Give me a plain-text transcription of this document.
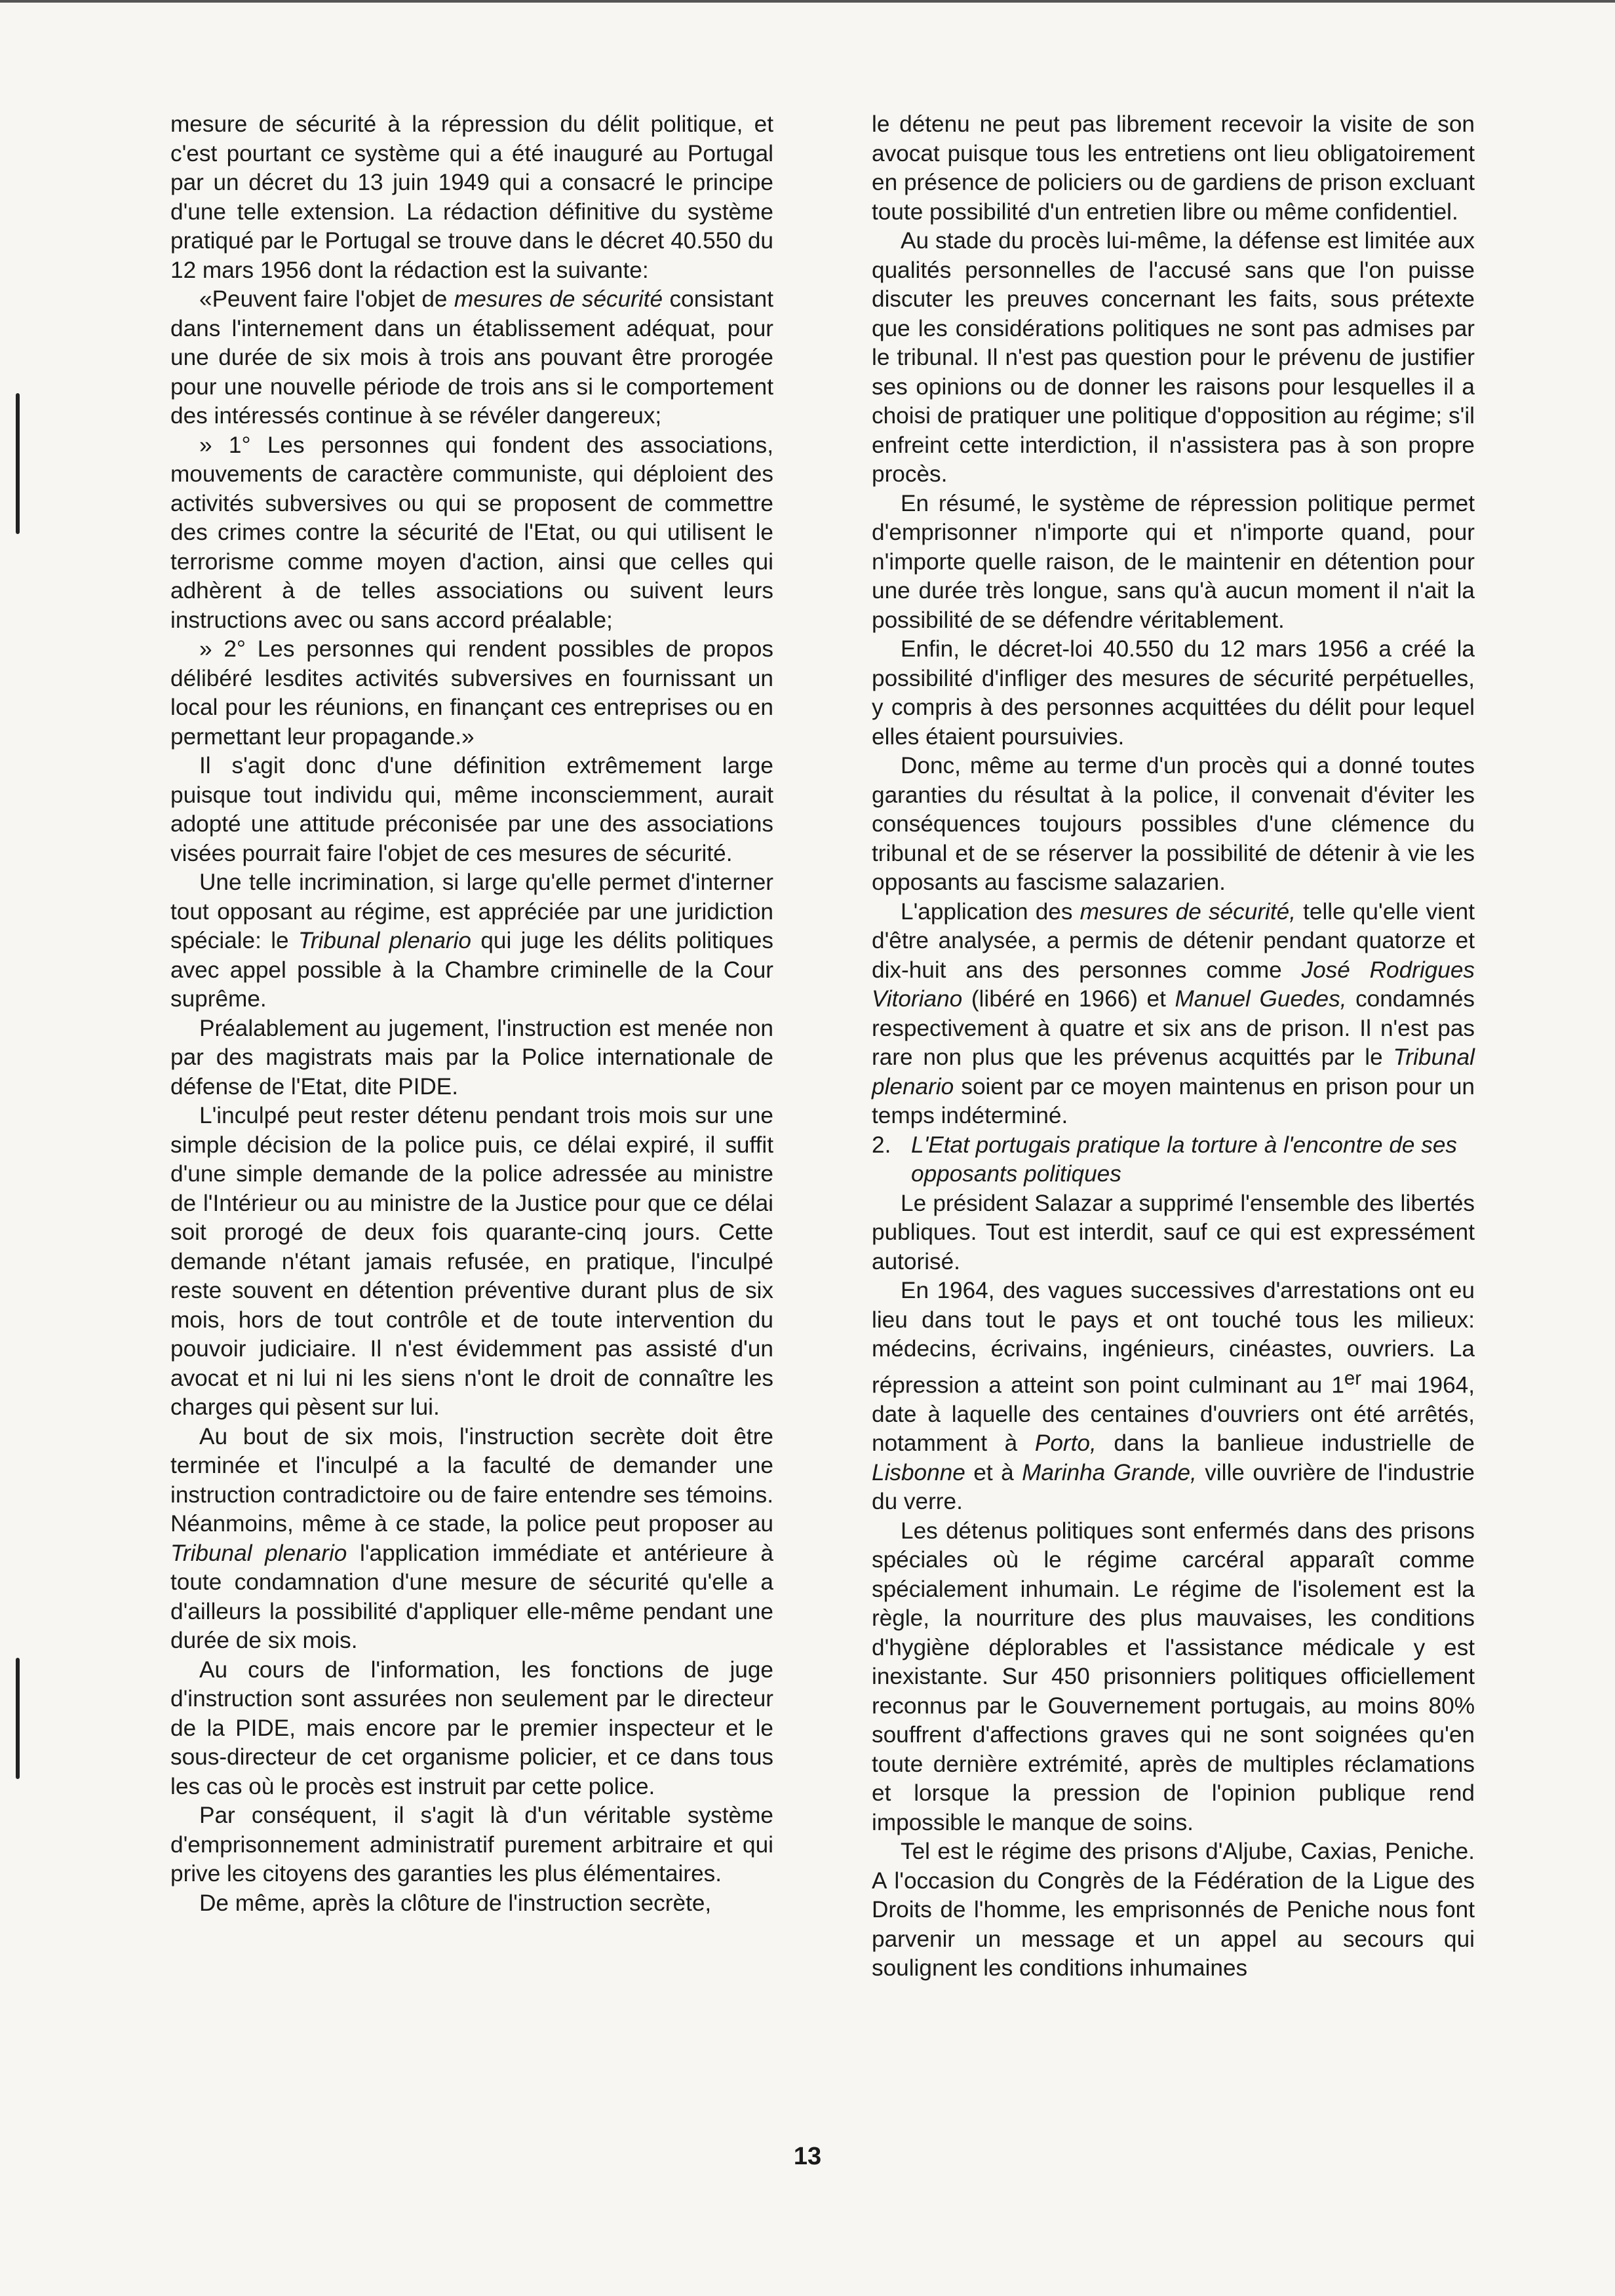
mesure de sécurité à la répression du délit politique, et c'est pourtant ce système qui a été inauguré au Portugal par un décret du 13 juin 1949 qui a consacré le principe d'une telle extension. La rédaction définitive du système pratiqué par le Portugal se trouve dans le décret 40.550 du 12 mars 1956 dont la rédaction est la suivante:

«Peuvent faire l'objet de mesures de sécurité consistant dans l'internement dans un établissement adéquat, pour une durée de six mois à trois ans pouvant être prorogée pour une nouvelle période de trois ans si le comportement des intéressés continue à se révéler dangereux;

» 1° Les personnes qui fondent des associations, mouvements de caractère communiste, qui déploient des activités subversives ou qui se proposent de commettre des crimes contre la sécurité de l'Etat, ou qui utilisent le terrorisme comme moyen d'action, ainsi que celles qui adhèrent à de telles associations ou suivent leurs instructions avec ou sans accord préalable;

» 2° Les personnes qui rendent possibles de propos délibéré lesdites activités subversives en fournissant un local pour les réunions, en finançant ces entreprises ou en permettant leur propagande.»

Il s'agit donc d'une définition extrêmement large puisque tout individu qui, même inconsciemment, aurait adopté une attitude préconisée par une des associations visées pourrait faire l'objet de ces mesures de sécurité.

Une telle incrimination, si large qu'elle permet d'interner tout opposant au régime, est appréciée par une juridiction spéciale: le Tribunal plenario qui juge les délits politiques avec appel possible à la Chambre criminelle de la Cour suprême.

Préalablement au jugement, l'instruction est menée non par des magistrats mais par la Police internationale de défense de l'Etat, dite PIDE.

L'inculpé peut rester détenu pendant trois mois sur une simple décision de la police puis, ce délai expiré, il suffit d'une simple demande de la police adressée au ministre de l'Intérieur ou au ministre de la Justice pour que ce délai soit prorogé de deux fois quarante-cinq jours. Cette demande n'étant jamais refusée, en pratique, l'inculpé reste souvent en détention préventive durant plus de six mois, hors de tout contrôle et de toute intervention du pouvoir judiciaire. Il n'est évidemment pas assisté d'un avocat et ni lui ni les siens n'ont le droit de connaître les charges qui pèsent sur lui.

Au bout de six mois, l'instruction secrète doit être terminée et l'inculpé a la faculté de demander une instruction contradictoire ou de faire entendre ses témoins. Néanmoins, même à ce stade, la police peut proposer au Tribunal plenario l'application immédiate et antérieure à toute condamnation d'une mesure de sécurité qu'elle a d'ailleurs la possibilité d'appliquer elle-même pendant une durée de six mois.

Au cours de l'information, les fonctions de juge d'instruction sont assurées non seulement par le directeur de la PIDE, mais encore par le premier inspecteur et le sous-directeur de cet organisme policier, et ce dans tous les cas où le procès est instruit par cette police.

Par conséquent, il s'agit là d'un véritable système d'emprisonnement administratif purement arbitraire et qui prive les citoyens des garanties les plus élémentaires.

De même, après la clôture de l'instruction secrète,

le détenu ne peut pas librement recevoir la visite de son avocat puisque tous les entretiens ont lieu obligatoirement en présence de policiers ou de gardiens de prison excluant toute possibilité d'un entretien libre ou même confidentiel.

Au stade du procès lui-même, la défense est limitée aux qualités personnelles de l'accusé sans que l'on puisse discuter les preuves concernant les faits, sous prétexte que les considérations politiques ne sont pas admises par le tribunal. Il n'est pas question pour le prévenu de justifier ses opinions ou de donner les raisons pour lesquelles il a choisi de pratiquer une politique d'opposition au régime; s'il enfreint cette interdiction, il n'assistera pas à son propre procès.

En résumé, le système de répression politique permet d'emprisonner n'importe qui et n'importe quand, pour n'importe quelle raison, de le maintenir en détention pour une durée très longue, sans qu'à aucun moment il n'ait la possibilité de se défendre véritablement.

Enfin, le décret-loi 40.550 du 12 mars 1956 a créé la possibilité d'infliger des mesures de sécurité perpétuelles, y compris à des personnes acquittées du délit pour lequel elles étaient poursuivies.

Donc, même au terme d'un procès qui a donné toutes garanties du résultat à la police, il convenait d'éviter les conséquences toujours possibles d'une clémence du tribunal et de se réserver la possibilité de détenir à vie les opposants au fascisme salazarien.

L'application des mesures de sécurité, telle qu'elle vient d'être analysée, a permis de détenir pendant quatorze et dix-huit ans des personnes comme José Rodrigues Vitoriano (libéré en 1966) et Manuel Guedes, condamnés respectivement à quatre et six ans de prison. Il n'est pas rare non plus que les prévenus acquittés par le Tribunal plenario soient par ce moyen maintenus en prison pour un temps indéterminé.

2. L'Etat portugais pratique la torture à l'encontre de ses opposants politiques

Le président Salazar a supprimé l'ensemble des libertés publiques. Tout est interdit, sauf ce qui est expressément autorisé.

En 1964, des vagues successives d'arrestations ont eu lieu dans tout le pays et ont touché tous les milieux: médecins, écrivains, ingénieurs, cinéastes, ouvriers. La répression a atteint son point culminant au 1er mai 1964, date à laquelle des centaines d'ouvriers ont été arrêtés, notamment à Porto, dans la banlieue industrielle de Lisbonne et à Marinha Grande, ville ouvrière de l'industrie du verre.

Les détenus politiques sont enfermés dans des prisons spéciales où le régime carcéral apparaît comme spécialement inhumain. Le régime de l'isolement est la règle, la nourriture des plus mauvaises, les conditions d'hygiène déplorables et l'assistance médicale y est inexistante. Sur 450 prisonniers politiques officiellement reconnus par le Gouvernement portugais, au moins 80% souffrent d'affections graves qui ne sont soignées qu'en toute dernière extrémité, après de multiples réclamations et lorsque la pression de l'opinion publique rend impossible le manque de soins.

Tel est le régime des prisons d'Aljube, Caxias, Peniche. A l'occasion du Congrès de la Fédération de la Ligue des Droits de l'homme, les emprisonnés de Peniche nous font parvenir un message et un appel au secours qui soulignent les conditions inhumaines

13
